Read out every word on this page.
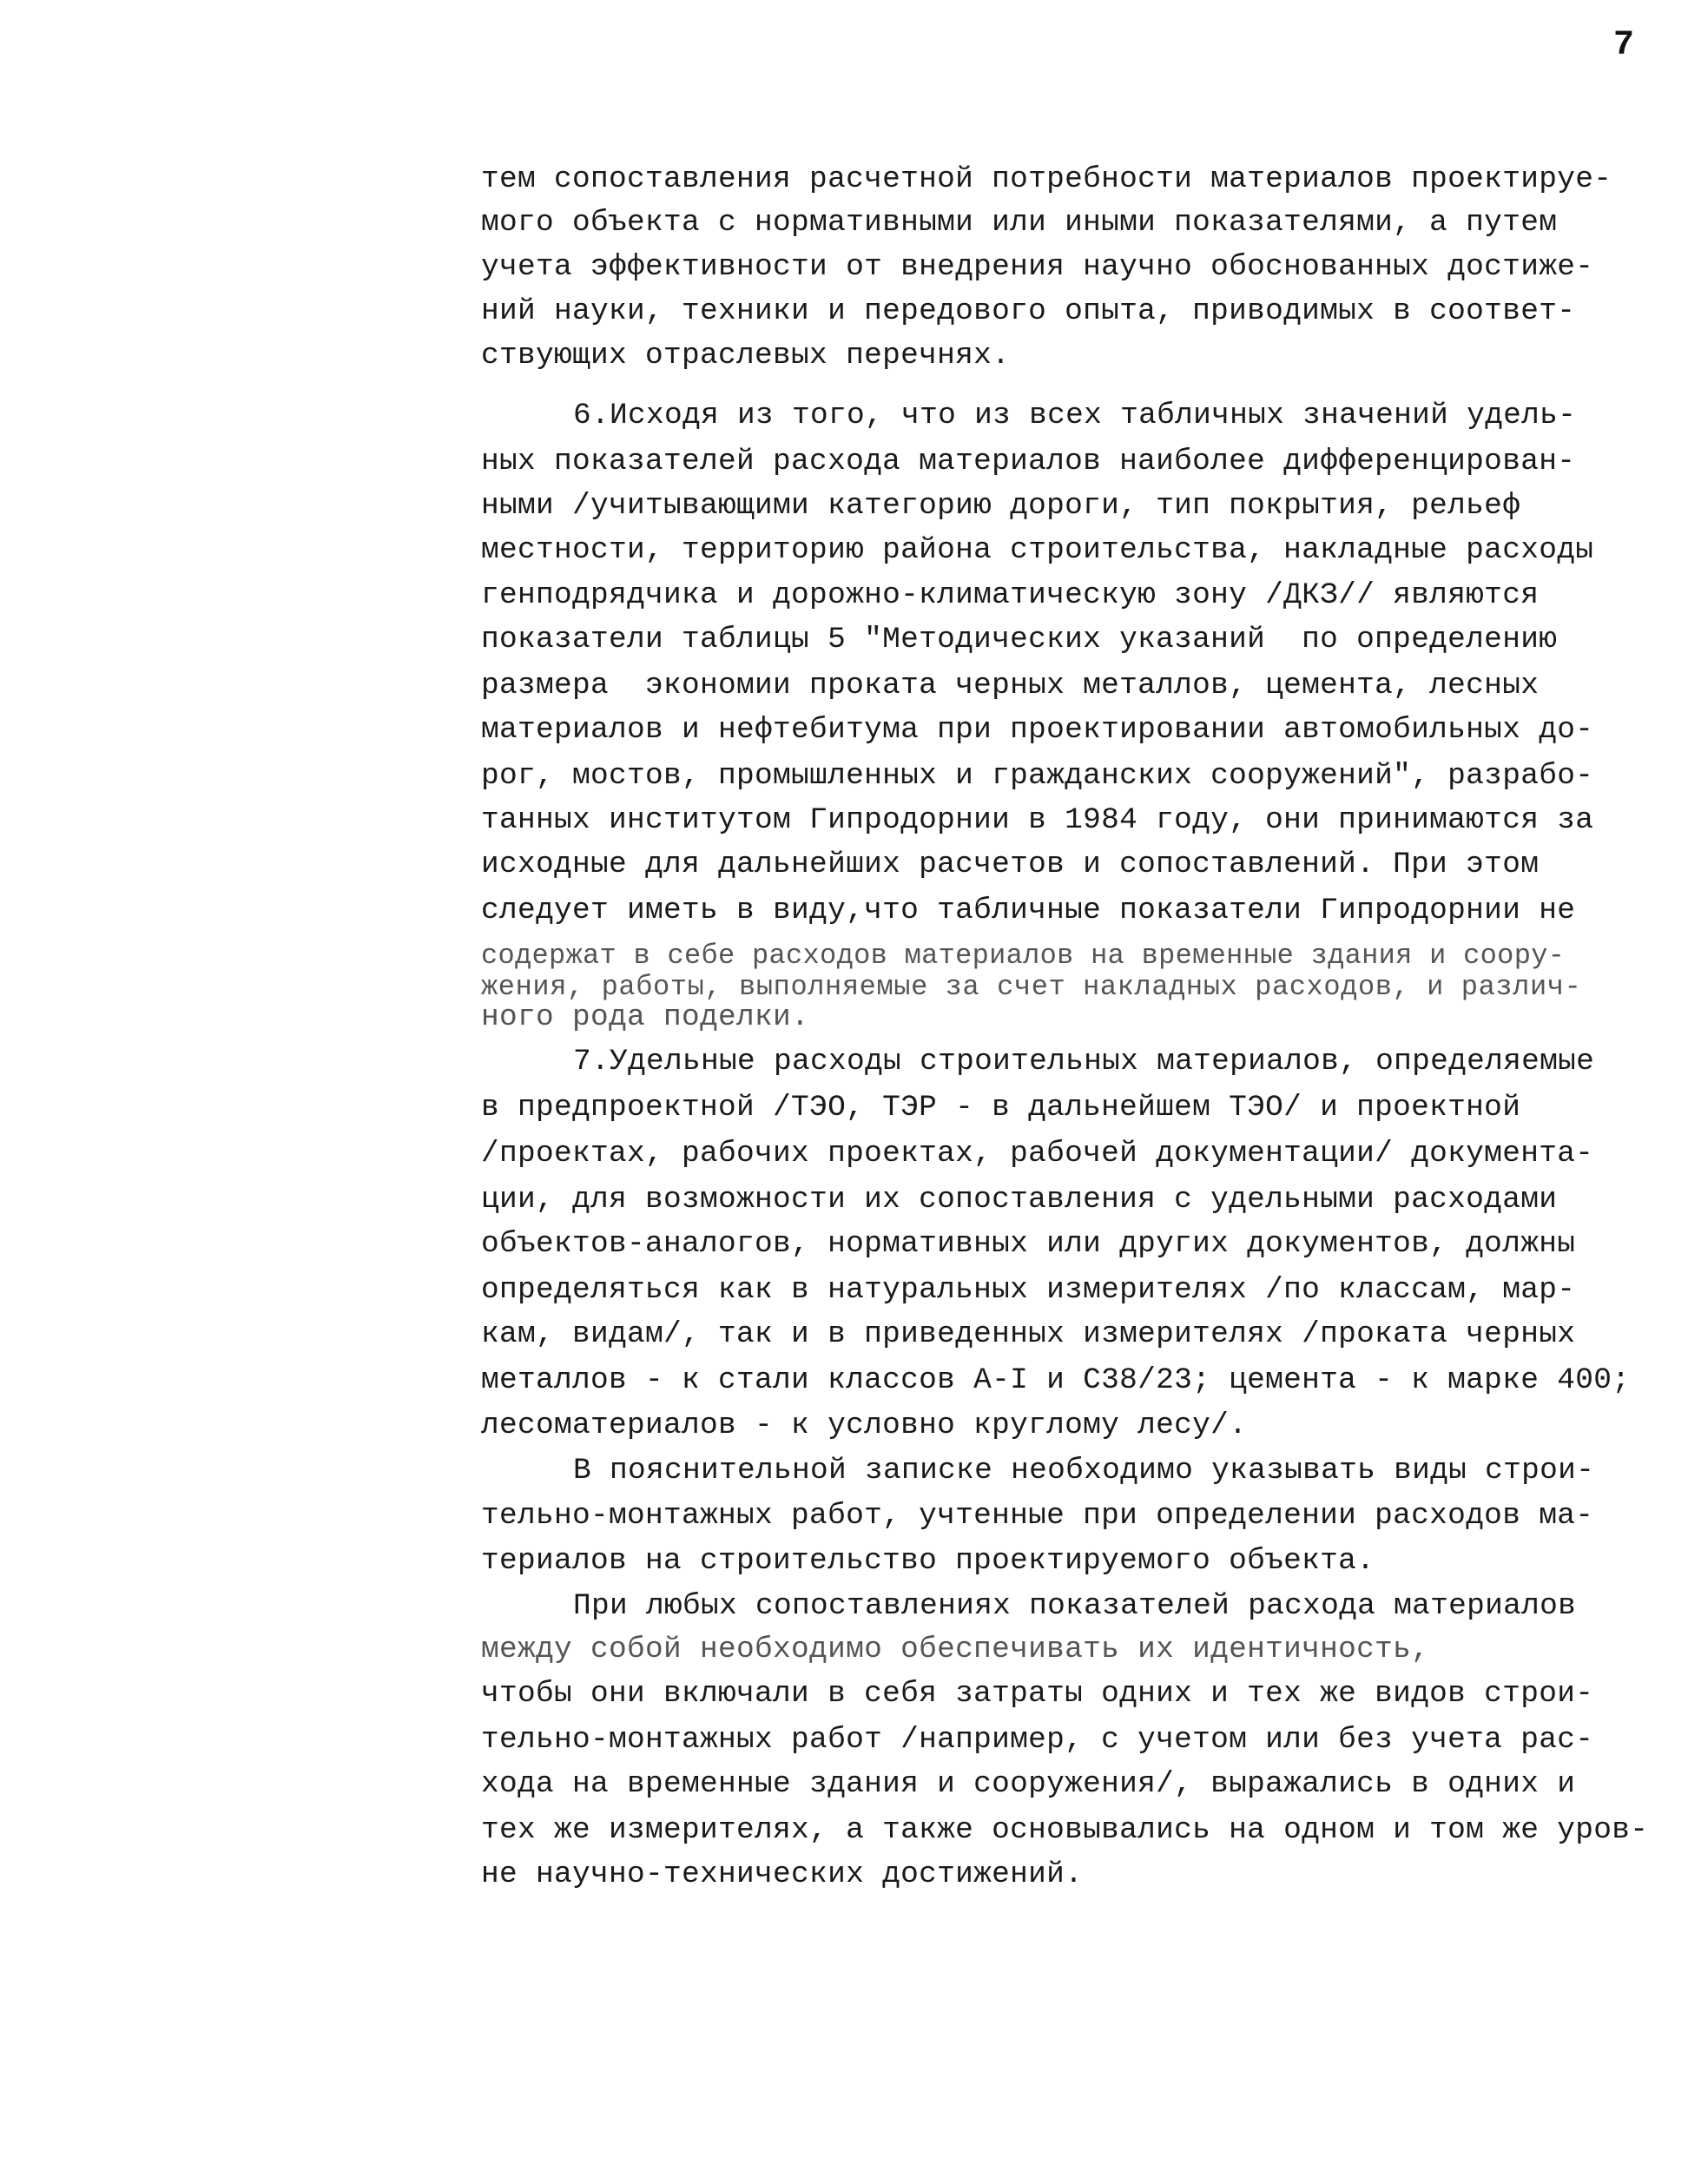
7
тем сопоставления расчетной потребности материалов проектируе-
мого объекта с нормативными или иными показателями, а путем
учета эффективности от внедрения научно обоснованных достиже-
ний науки, техники и передового опыта, приводимых в соответ-
ствующих отраслевых перечнях.
6.Исходя из того, что из всех табличных значений удель-
ных показателей расхода материалов наиболее дифференцирован-
ными /учитывающими категорию дороги, тип покрытия, рельеф
местности, территорию района строительства, накладные расходы
генподрядчика и дорожно-климатическую зону /ДКЗ// являются
показатели таблицы 5 "Методических указаний  по определению
размера  экономии проката черных металлов, цемента, лесных
материалов и нефтебитума при проектировании автомобильных до-
рог, мостов, промышленных и гражданских сооружений", разрабо-
танных институтом Гипродорнии в 1984 году, они принимаются за
исходные для дальнейших расчетов и сопоставлений. При этом
следует иметь в виду,что табличные показатели Гипродорнии не
содержат в себе расходов материалов на временные здания и соору-
жения, работы, выполняемые за счет накладных расходов, и различ-
ного рода поделки.
7.Удельные расходы строительных материалов, определяемые
в предпроектной /ТЭО, ТЭР - в дальнейшем ТЭО/ и проектной
/проектах, рабочих проектах, рабочей документации/ документа-
ции, для возможности их сопоставления с удельными расходами
объектов-аналогов, нормативных или других документов, должны
определяться как в натуральных измерителях /по классам, мар-
кам, видам/, так и в приведенных измерителях /проката черных
металлов - к стали классов А-I и С38/23; цемента - к марке 400;
лесоматериалов - к условно круглому лесу/.
В пояснительной записке необходимо указывать виды строи-
тельно-монтажных работ, учтенные при определении расходов ма-
териалов на строительство проектируемого объекта.
При любых сопоставлениях показателей расхода материалов
между собой необходимо обеспечивать их идентичность,
чтобы они включали в себя затраты одних и тех же видов строи-
тельно-монтажных работ /например, с учетом или без учета рас-
хода на временные здания и сооружения/, выражались в одних и
тех же измерителях, а также основывались на одном и том же уров-
не научно-технических достижений.
